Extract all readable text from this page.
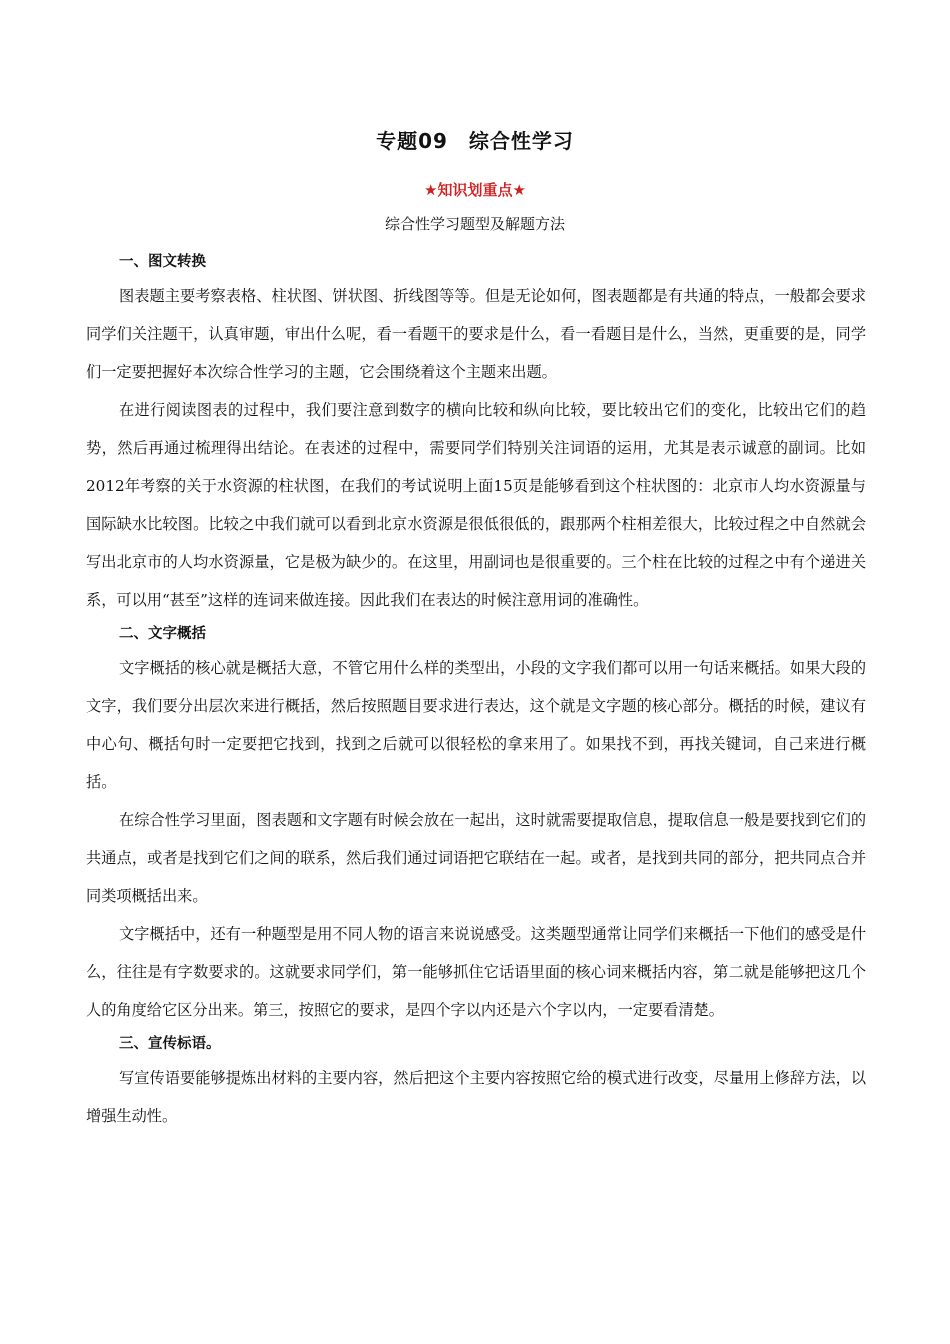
专题09　综合性学习
★知识划重点★
综合性学习题型及解题方法

一、图文转换

图表题主要考察表格、柱状图、饼状图、折线图等等。但是无论如何，图表题都是有共通的特点，一般都会要求同学们关注题干，认真审题，审出什么呢，看一看题干的要求是什么，看一看题目是什么，当然，更重要的是，同学们一定要把握好本次综合性学习的主题，它会围绕着这个主题来出题。

在进行阅读图表的过程中，我们要注意到数字的横向比较和纵向比较，要比较出它们的变化，比较出它们的趋势，然后再通过梳理得出结论。在表述的过程中，需要同学们特别关注词语的运用，尤其是表示诚意的副词。比如2012年考察的关于水资源的柱状图，在我们的考试说明上面15页是能够看到这个柱状图的：北京市人均水资源量与国际缺水比较图。比较之中我们就可以看到北京水资源是很低很低的，跟那两个柱相差很大，比较过程之中自然就会写出北京市的人均水资源量，它是极为缺少的。在这里，用副词也是很重要的。三个柱在比较的过程之中有个递进关系，可以用“甚至”这样的连词来做连接。因此我们在表达的时候注意用词的准确性。

二、文字概括

文字概括的核心就是概括大意，不管它用什么样的类型出，小段的文字我们都可以用一句话来概括。如果大段的文字，我们要分出层次来进行概括，然后按照题目要求进行表达，这个就是文字题的核心部分。概括的时候，建议有中心句、概括句时一定要把它找到，找到之后就可以很轻松的拿来用了。如果找不到，再找关键词，自己来进行概括。

在综合性学习里面，图表题和文字题有时候会放在一起出，这时就需要提取信息，提取信息一般是要找到它们的共通点，或者是找到它们之间的联系，然后我们通过词语把它联结在一起。或者，是找到共同的部分，把共同点合并同类项概括出来。

文字概括中，还有一种题型是用不同人物的语言来说说感受。这类题型通常让同学们来概括一下他们的感受是什么，往往是有字数要求的。这就要求同学们，第一能够抓住它话语里面的核心词来概括内容，第二就是能够把这几个人的角度给它区分出来。第三，按照它的要求，是四个字以内还是六个字以内，一定要看清楚。

三、宣传标语。

写宣传语要能够提炼出材料的主要内容，然后把这个主要内容按照它给的模式进行改变，尽量用上修辞方法，以增强生动性。
